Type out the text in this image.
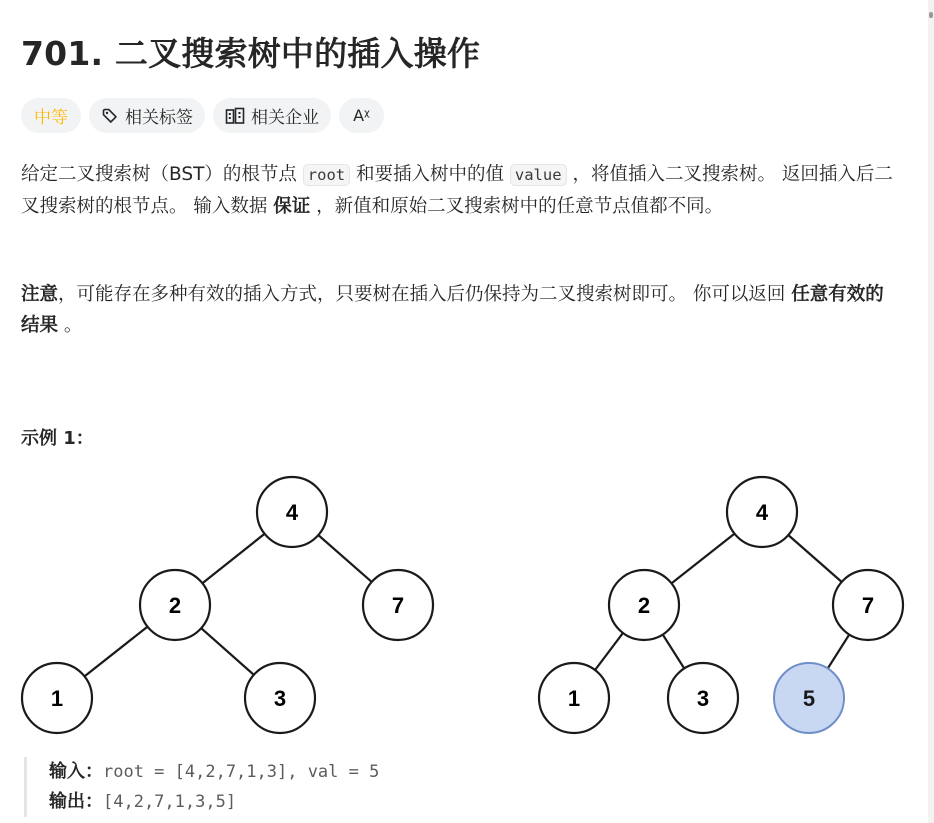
701. 二叉搜索树中的插入操作
中等	相关标签	相关企业 Aᵡ
给定二叉搜索树（BST）的根节点 root 和要插入树中的值 value ，将值插入二叉搜索树。 返回插入后二叉搜索树的根节点。 输入数据 保证 ，新值和原始二叉搜索树中的任意节点值都不同。
注意，可能存在多种有效的插入方式，只要树在插入后仍保持为二叉搜索树即可。 你可以返回 任意有效的结果 。
示例 1：
4
2	7
1	3
4
2	7
1	3	5
输入：root = [4,2,7,1,3], val = 5
输出：[4,2,7,1,3,5]
